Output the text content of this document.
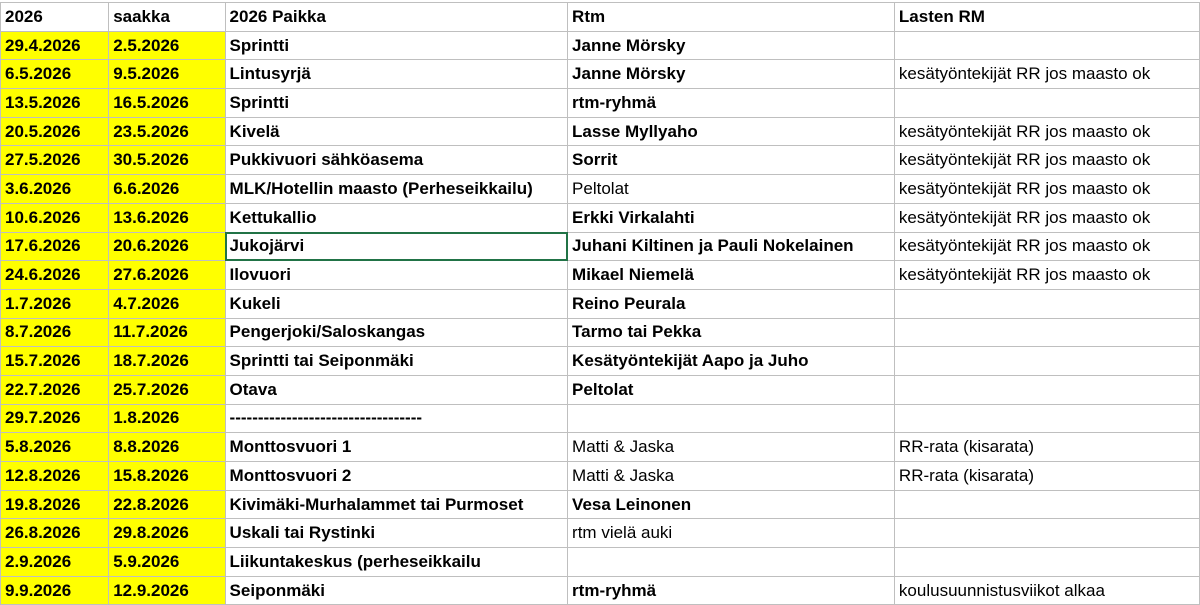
2026	saakka	2026 Paikka	Rtm	Lasten RM
29.4.2026	2.5.2026	Sprintti	Janne Mörsky	
6.5.2026	9.5.2026	Lintusyrjä	Janne Mörsky	kesätyöntekijät RR jos maasto ok
13.5.2026	16.5.2026	Sprintti	rtm-ryhmä	
20.5.2026	23.5.2026	Kivelä	Lasse Myllyaho	kesätyöntekijät RR jos maasto ok
27.5.2026	30.5.2026	Pukkivuori sähköasema	Sorrit	kesätyöntekijät RR jos maasto ok
3.6.2026	6.6.2026	MLK/Hotellin maasto (Perheseikkailu)	Peltolat	kesätyöntekijät RR jos maasto ok
10.6.2026	13.6.2026	Kettukallio	Erkki Virkalahti	kesätyöntekijät RR jos maasto ok
17.6.2026	20.6.2026	Jukojärvi	Juhani Kiltinen ja Pauli Nokelainen	kesätyöntekijät RR jos maasto ok
24.6.2026	27.6.2026	Ilovuori	Mikael Niemelä	kesätyöntekijät RR jos maasto ok
1.7.2026	4.7.2026	Kukeli	Reino Peurala	
8.7.2026	11.7.2026	Pengerjoki/Saloskangas	Tarmo tai Pekka	
15.7.2026	18.7.2026	Sprintti tai Seiponmäki	Kesätyöntekijät Aapo ja Juho	
22.7.2026	25.7.2026	Otava	Peltolat	
29.7.2026	1.8.2026	----------------------------------		
5.8.2026	8.8.2026	Monttosvuori 1	Matti & Jaska	RR-rata (kisarata)
12.8.2026	15.8.2026	Monttosvuori 2	Matti & Jaska	RR-rata (kisarata)
19.8.2026	22.8.2026	Kivimäki-Murhalammet tai Purmoset	Vesa Leinonen	
26.8.2026	29.8.2026	Uskali tai Rystinki	rtm vielä auki	
2.9.2026	5.9.2026	Liikuntakeskus (perheseikkailu		
9.9.2026	12.9.2026	Seiponmäki	rtm-ryhmä	koulusuunnistusviikot alkaa
